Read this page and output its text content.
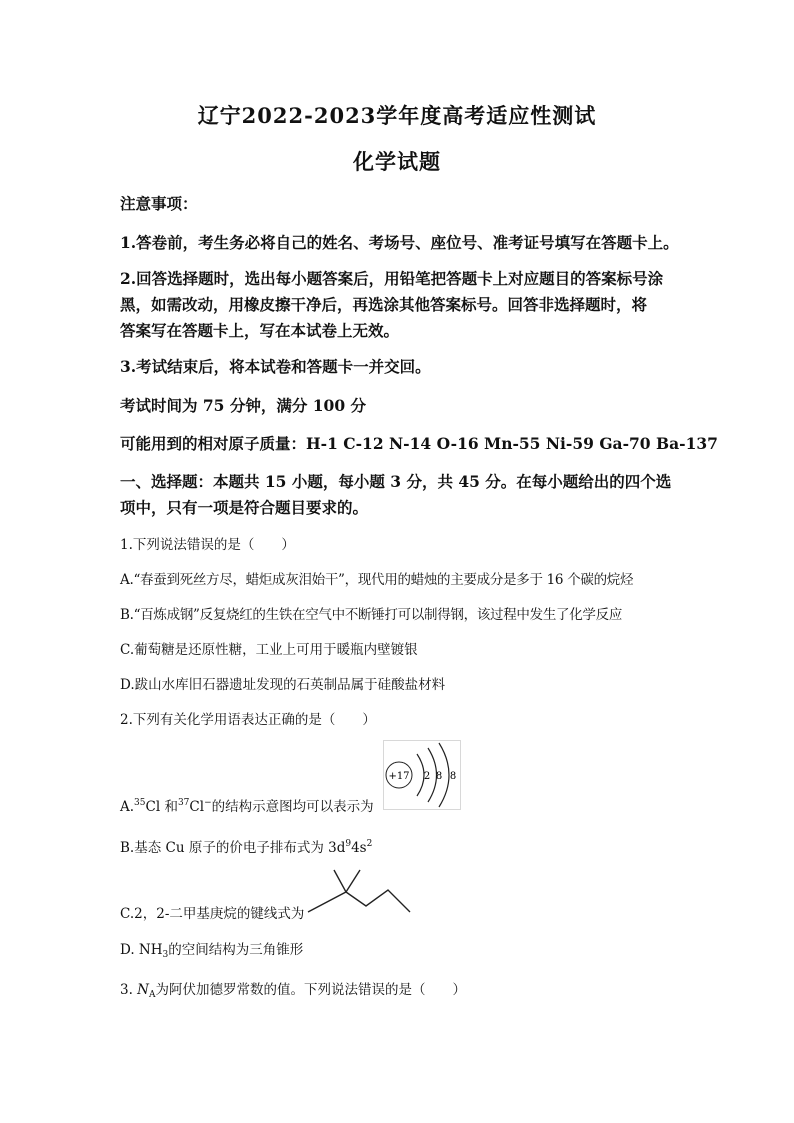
辽宁2022-2023学年度高考适应性测试
化学试题
注意事项：
1.答卷前，考生务必将自己的姓名、考场号、座位号、准考证号填写在答题卡上。
2.回答选择题时，选出每小题答案后，用铅笔把答题卡上对应题目的答案标号涂
黑，如需改动，用橡皮擦干净后，再选涂其他答案标号。回答非选择题时，将
答案写在答题卡上，写在本试卷上无效。
3.考试结束后，将本试卷和答题卡一并交回。
考试时间为 75 分钟，满分 100 分
可能用到的相对原子质量：H-1 C-12 N-14 O-16 Mn-55 Ni-59 Ga-70 Ba-137
一、选择题：本题共 15 小题，每小题 3 分，共 45 分。在每小题给出的四个选
项中，只有一项是符合题目要求的。
1.下列说法错误的是（　　）
A.“春蚕到死丝方尽，蜡炬成灰泪始干”，现代用的蜡烛的主要成分是多于 16 个碳的烷烃
B.“百炼成钢”反复烧红的生铁在空气中不断锤打可以制得钢，该过程中发生了化学反应
C.葡萄糖是还原性糖，工业上可用于暖瓶内壁镀银
D.跋山水库旧石器遗址发现的石英制品属于硅酸盐材料
2.下列有关化学用语表达正确的是（　　）
A.$^{35}$Cl 和$^{37}$Cl−的结构示意图均可以表示为
+17 2 8 8
B.基态 Cu 原子的价电子排布式为 $3d^94s^2$
C.2，2-二甲基庚烷的键线式为
D. $NH_3$的空间结构为三角锥形
3. $N_A$为阿伏加德罗常数的值。下列说法错误的是（　　）
